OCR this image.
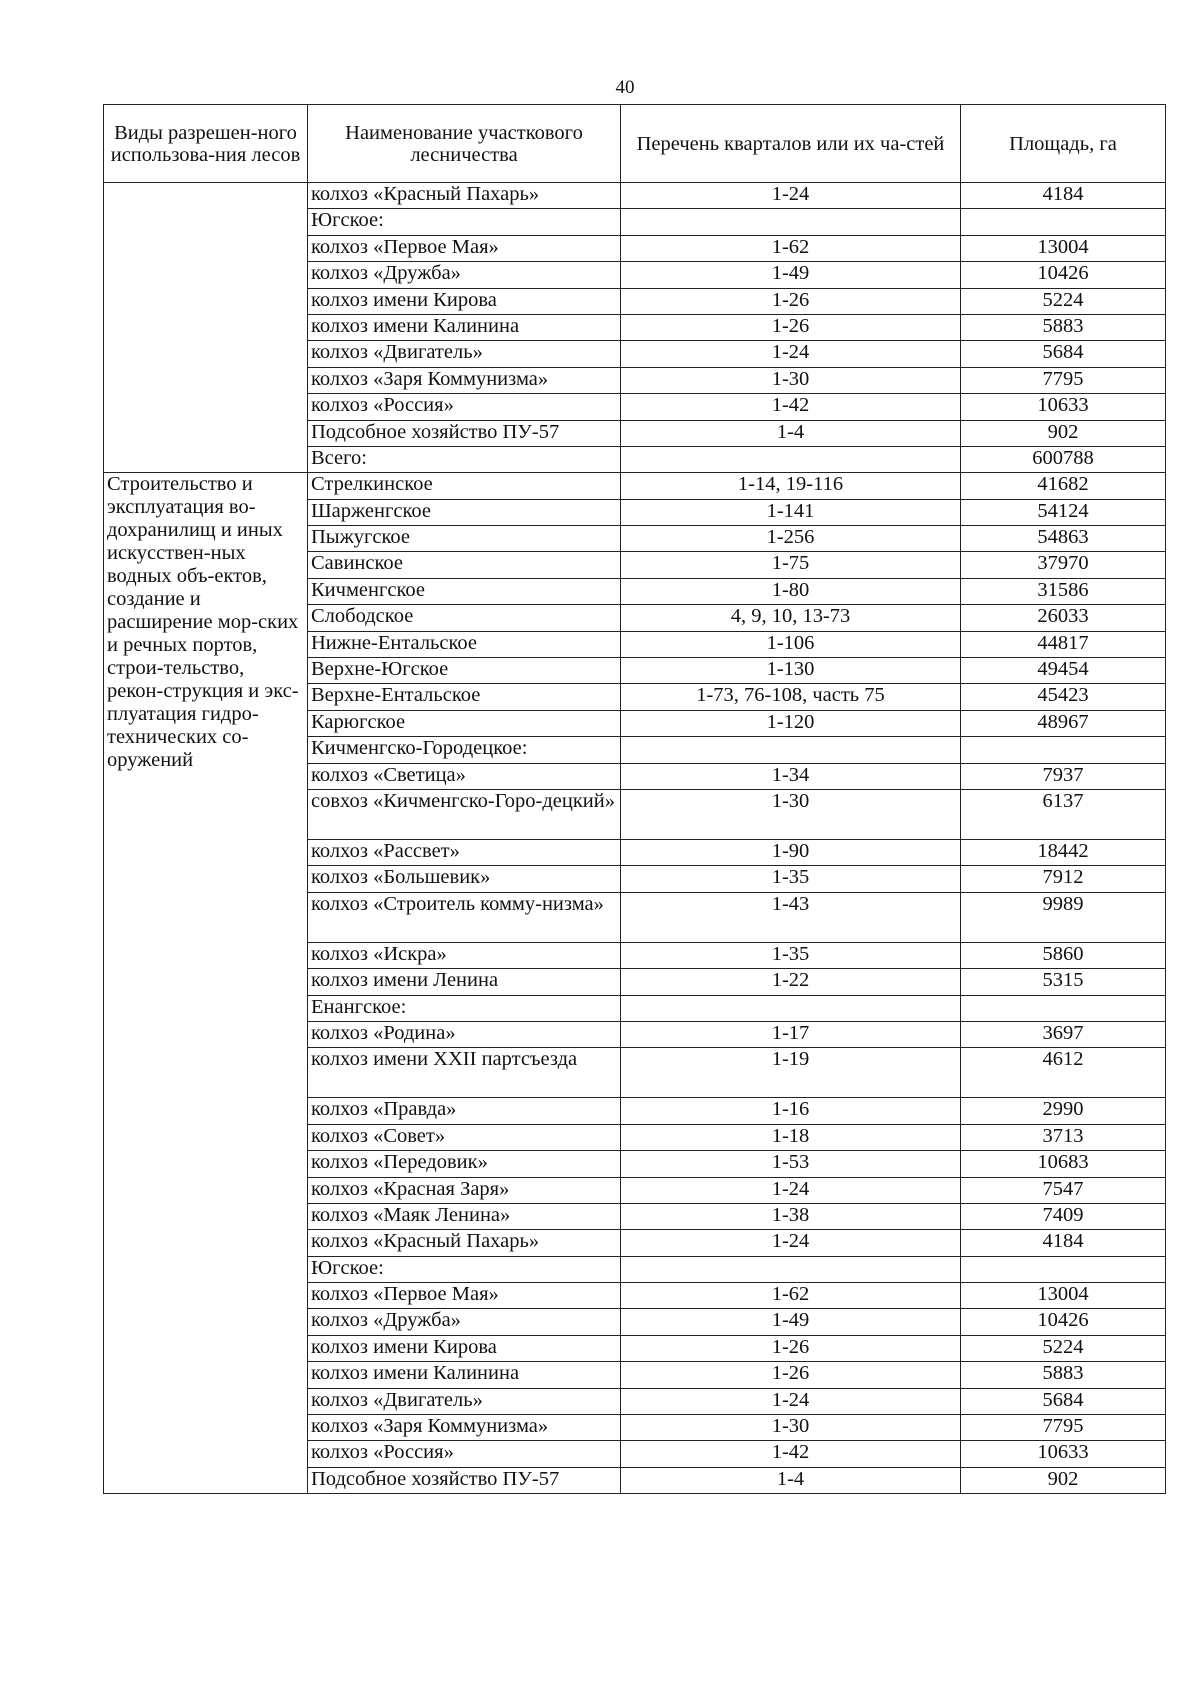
40
Виды разрешен-ного использова-ния лесов	Наименование участкового лесничества	Перечень кварталов или их ча-стей	Площадь, га
	колхоз «Красный Пахарь»	1-24	4184
	Югское:		
	колхоз «Первое Мая»	1-62	13004
	колхоз «Дружба»	1-49	10426
	колхоз имени Кирова	1-26	5224
	колхоз имени Калинина	1-26	5883
	колхоз «Двигатель»	1-24	5684
	колхоз «Заря Коммунизма»	1-30	7795
	колхоз «Россия»	1-42	10633
	Подсобное хозяйство ПУ-57	1-4	902
	Всего:		600788
Строительство и эксплуатация во-дохранилищ и иных искусствен-ных водных объ-ектов, создание и расширение мор-ских и речных портов, строи-тельство, рекон-струкция и экс-плуатация гидро-технических со-оружений	Стрелкинское	1-14, 19-116	41682
	Шарженгское	1-141	54124
	Пыжугское	1-256	54863
	Савинское	1-75	37970
	Кичменгское	1-80	31586
	Слободское	4, 9, 10, 13-73	26033
	Нижне-Ентальское	1-106	44817
	Верхне-Югское	1-130	49454
	Верхне-Ентальское	1-73, 76-108, часть 75	45423
	Карюгское	1-120	48967
	Кичменгско-Городецкое:		
	колхоз «Светица»	1-34	7937
	совхоз «Кичменгско-Горо-децкий»	1-30	6137
	колхоз «Рассвет»	1-90	18442
	колхоз «Большевик»	1-35	7912
	колхоз «Строитель комму-низма»	1-43	9989
	колхоз «Искра»	1-35	5860
	колхоз имени Ленина	1-22	5315
	Енангское:		
	колхоз «Родина»	1-17	3697
	колхоз имени XXII партсъезда	1-19	4612
	колхоз «Правда»	1-16	2990
	колхоз «Совет»	1-18	3713
	колхоз «Передовик»	1-53	10683
	колхоз «Красная Заря»	1-24	7547
	колхоз «Маяк Ленина»	1-38	7409
	колхоз «Красный Пахарь»	1-24	4184
	Югское:		
	колхоз «Первое Мая»	1-62	13004
	колхоз «Дружба»	1-49	10426
	колхоз имени Кирова	1-26	5224
	колхоз имени Калинина	1-26	5883
	колхоз «Двигатель»	1-24	5684
	колхоз «Заря Коммунизма»	1-30	7795
	колхоз «Россия»	1-42	10633
	Подсобное хозяйство ПУ-57	1-4	902
